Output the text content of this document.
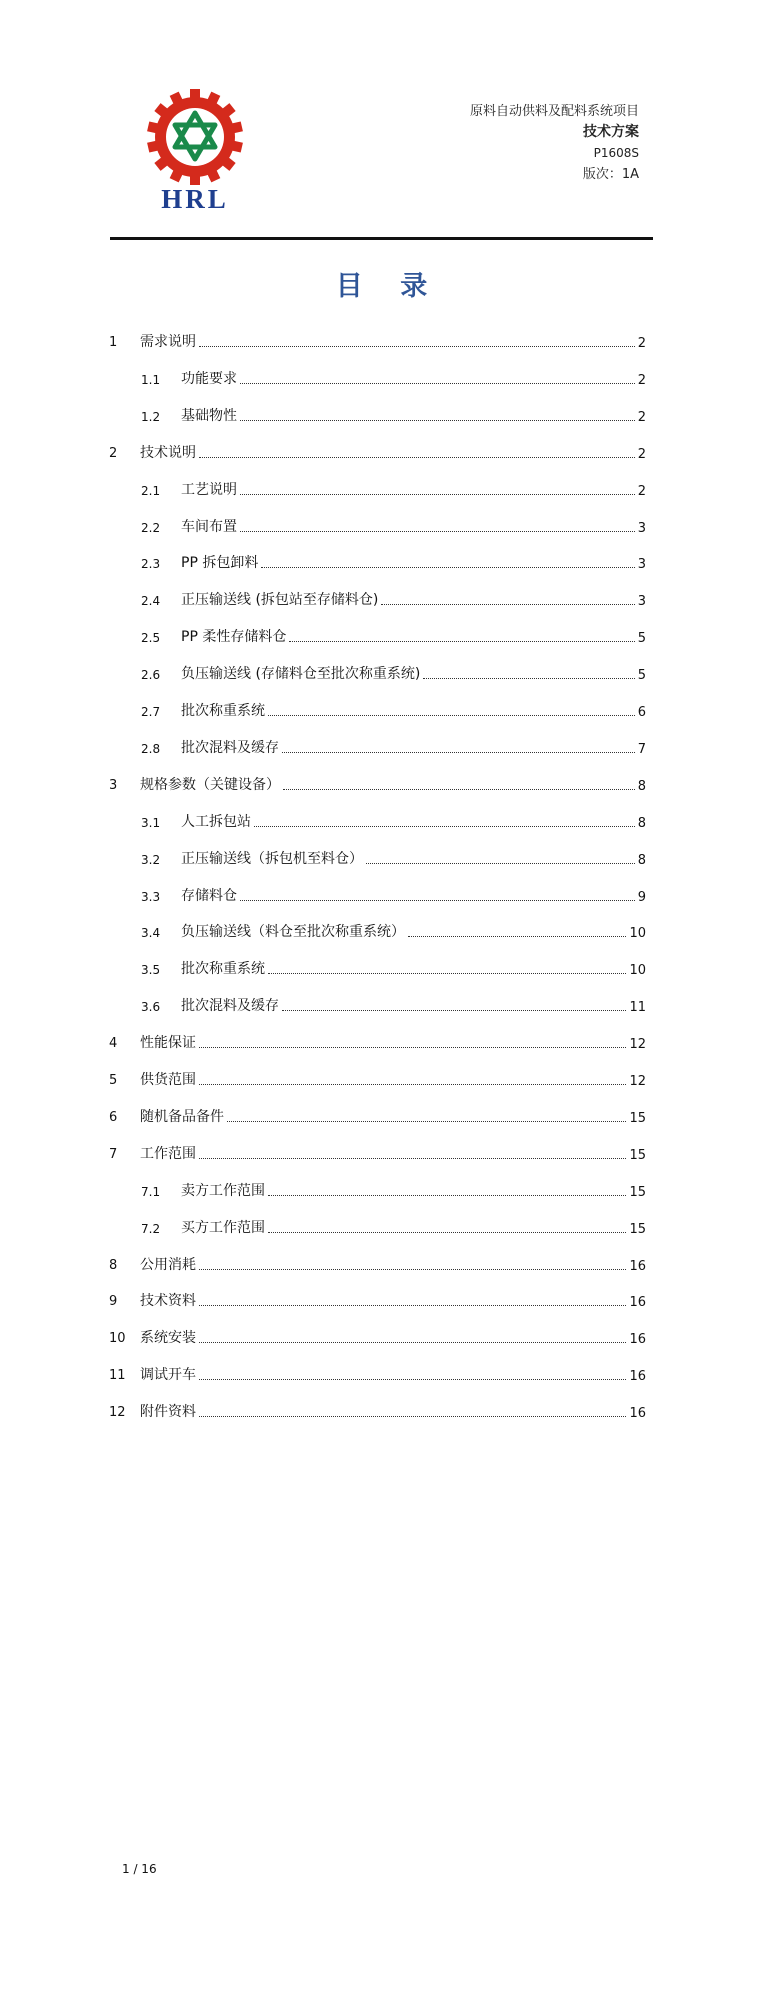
HRL
原料自动供料及配料系统项目
技术方案
P1608S
版次：1A
目 录
1 需求说明	2
1.1 功能要求	2
1.2 基础物性	2
2 技术说明	2
2.1 工艺说明	2
2.2 车间布置	3
2.3 PP 拆包卸料	3
2.4 正压输送线 (拆包站至存储料仓)	3
2.5 PP 柔性存储料仓	5
2.6 负压输送线 (存储料仓至批次称重系统)	5
2.7 批次称重系统	6
2.8 批次混料及缓存	7
3 规格参数（关键设备）	8
3.1 人工拆包站	8
3.2 正压输送线（拆包机至料仓）	8
3.3 存储料仓	9
3.4 负压输送线（料仓至批次称重系统）	10
3.5 批次称重系统	10
3.6 批次混料及缓存	11
4 性能保证	12
5 供货范围	12
6 随机备品备件	15
7 工作范围	15
7.1 卖方工作范围	15
7.2 买方工作范围	15
8 公用消耗	16
9 技术资料	16
10 系统安装	16
11 调试开车	16
12 附件资料	16
1 / 16
